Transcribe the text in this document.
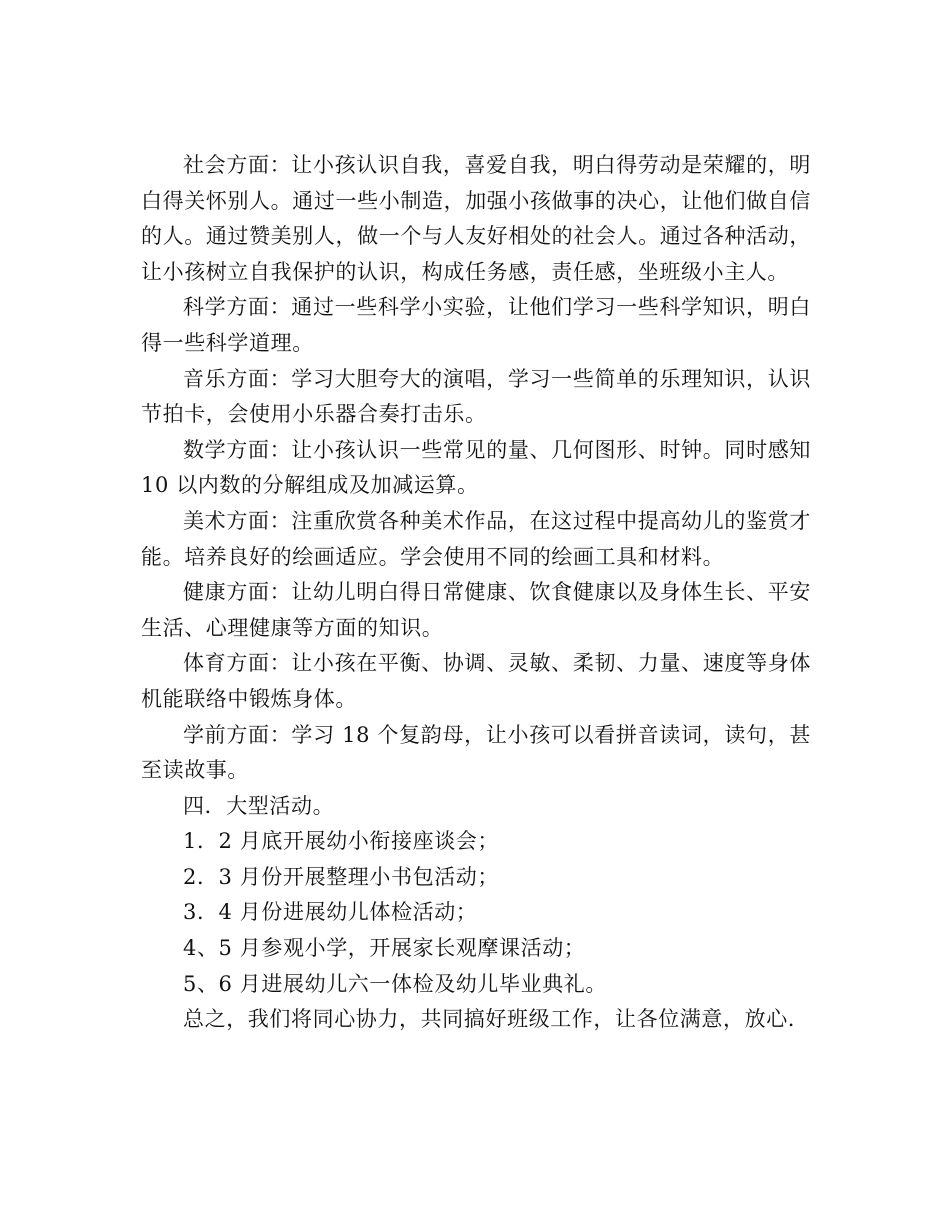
社会方面：让小孩认识自我，喜爱自我，明白得劳动是荣耀的，明白得关怀别人。通过一些小制造，加强小孩做事的决心，让他们做自信的人。通过赞美别人，做一个与人友好相处的社会人。通过各种活动，让小孩树立自我保护的认识，构成任务感，责任感，坐班级小主人。

科学方面：通过一些科学小实验，让他们学习一些科学知识，明白得一些科学道理。

音乐方面：学习大胆夸大的演唱，学习一些简单的乐理知识，认识节拍卡，会使用小乐器合奏打击乐。

数学方面：让小孩认识一些常见的量、几何图形、时钟。同时感知 10 以内数的分解组成及加减运算。

美术方面：注重欣赏各种美术作品，在这过程中提高幼儿的鉴赏才能。培养良好的绘画适应。学会使用不同的绘画工具和材料。

健康方面：让幼儿明白得日常健康、饮食健康以及身体生长、平安生活、心理健康等方面的知识。

体育方面：让小孩在平衡、协调、灵敏、柔韧、力量、速度等身体机能联络中锻炼身体。

学前方面：学习 18 个复韵母，让小孩可以看拼音读词，读句，甚至读故事。

四．大型活动。

1．2 月底开展幼小衔接座谈会；

2．3 月份开展整理小书包活动；

3．4 月份进展幼儿体检活动；

4、5 月参观小学，开展家长观摩课活动；

5、6 月进展幼儿六一体检及幼儿毕业典礼。

总之，我们将同心协力，共同搞好班级工作，让各位满意，放心.
